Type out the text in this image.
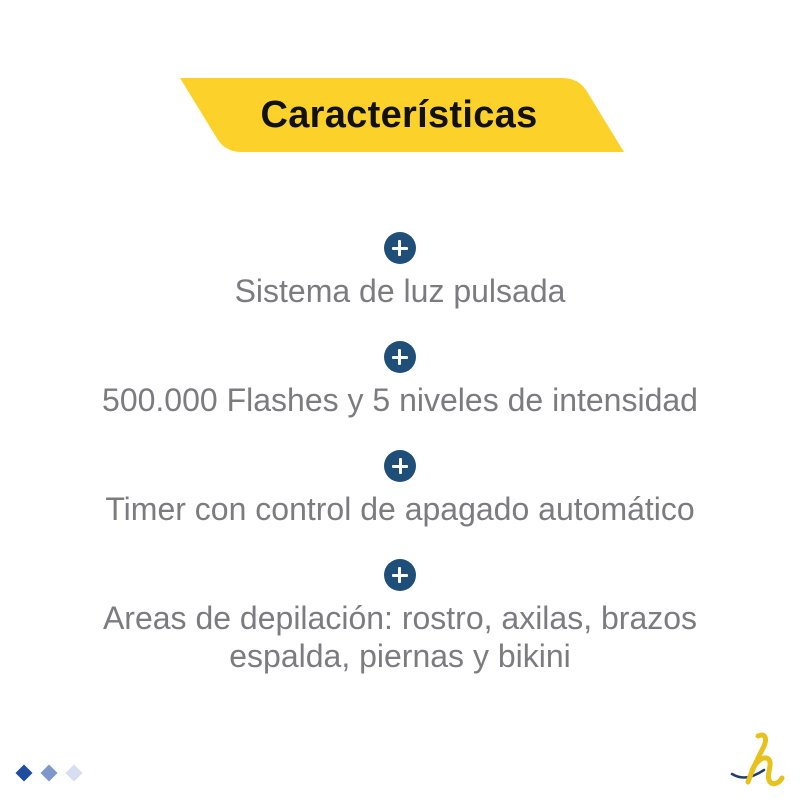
Características
Sistema de luz pulsada
500.000 Flashes y 5 niveles de intensidad
Timer con control de apagado automático
Areas de depilación: rostro, axilas, brazos
espalda, piernas y bikini
